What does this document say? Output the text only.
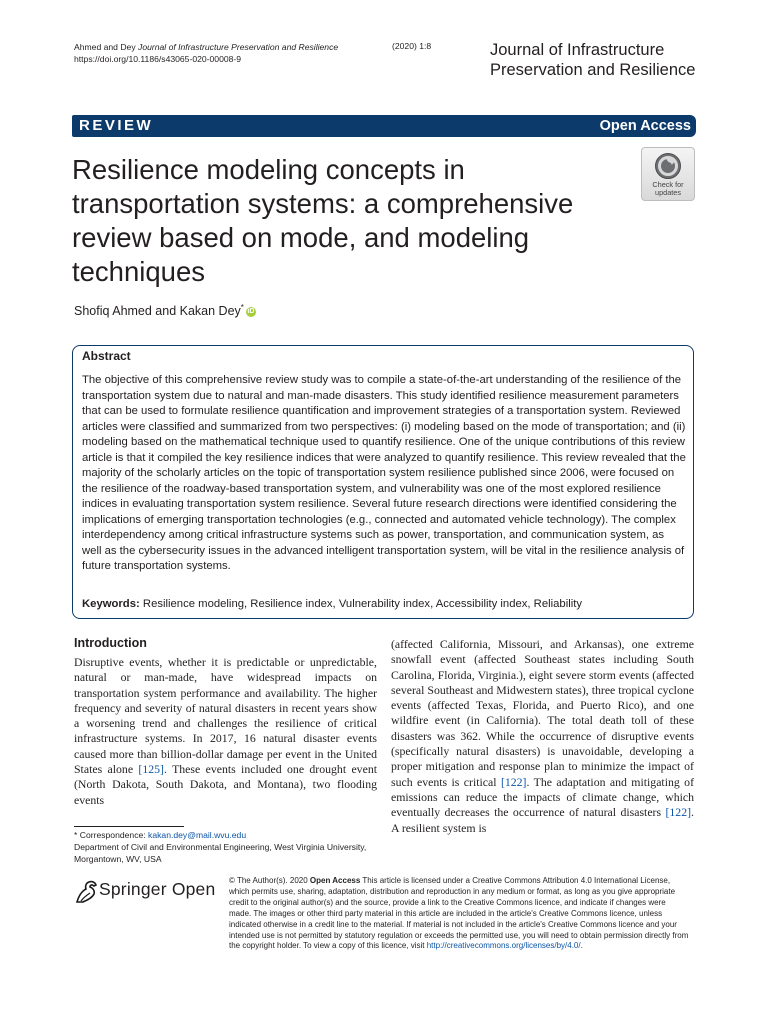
Ahmed and Dey Journal of Infrastructure Preservation and Resilience	(2020) 1:8
https://doi.org/10.1186/s43065-020-00008-9	Journal of Infrastructure
Preservation and Resilience
REVIEW	Open Access
Resilience modeling concepts in transportation systems: a comprehensive review based on mode, and modeling techniques
Check for
updates
Shofiq Ahmed and Kakan Dey* iD
Abstract

The objective of this comprehensive review study was to compile a state-of-the-art understanding of the resilience of the transportation system due to natural and man-made disasters. This study identified resilience measurement parameters that can be used to formulate resilience quantification and improvement strategies of a transportation system. Reviewed articles were classified and summarized from two perspectives: (i) modeling based on the mode of transportation; and (ii) modeling based on the mathematical technique used to quantify resilience. One of the unique contributions of this review article is that it compiled the key resilience indices that were analyzed to quantify resilience. This review revealed that the majority of the scholarly articles on the topic of transportation system resilience published since 2006, were focused on the resilience of the roadway-based transportation system, and vulnerability was one of the most explored resilience indices in evaluating transportation system resilience. Several future research directions were identified considering the implications of emerging transportation technologies (e.g., connected and automated vehicle technology). The complex interdependency among critical infrastructure systems such as power, transportation, and communication system, as well as the cybersecurity issues in the advanced intelligent transportation system, will be vital in the resilience analysis of future transportation systems.

Keywords: Resilience modeling, Resilience index, Vulnerability index, Accessibility index, Reliability
Introduction

Disruptive events, whether it is predictable or unpredictable, natural or man-made, have widespread impacts on transportation system performance and availability. The higher frequency and severity of natural disasters in recent years show a worsening trend and challenges the resilience of critical infrastructure systems. In 2017, 16 natural disaster events caused more than billion-dollar damage per event in the United States alone [125]. These events included one drought event (North Dakota, South Dakota, and Montana), two flooding events

(affected California, Missouri, and Arkansas), one extreme snowfall event (affected Southeast states including South Carolina, Florida, Virginia.), eight severe storm events (affected several Southeast and Midwestern states), three tropical cyclone events (affected Texas, Florida, and Puerto Rico), and one wildfire event (in California). The total death toll of these disasters was 362. While the occurrence of disruptive events (specifically natural disasters) is unavoidable, developing a proper mitigation and response plan to minimize the impact of such events is critical [122]. The adaptation and mitigating of emissions can reduce the impacts of climate change, which eventually decreases the occurrence of natural disasters [122]. A resilient system is

* Correspondence: kakan.dey@mail.wvu.edu
Department of Civil and Environmental Engineering, West Virginia University, Morgantown, WV, USA
Springer Open © The Author(s). 2020 Open Access This article is licensed under a Creative Commons Attribution 4.0 International License, which permits use, sharing, adaptation, distribution and reproduction in any medium or format, as long as you give appropriate credit to the original author(s) and the source, provide a link to the Creative Commons licence, and indicate if changes were made. The images or other third party material in this article are included in the article's Creative Commons licence, unless indicated otherwise in a credit line to the material. If material is not included in the article's Creative Commons licence and your intended use is not permitted by statutory regulation or exceeds the permitted use, you will need to obtain permission directly from the copyright holder. To view a copy of this licence, visit http://creativecommons.org/licenses/by/4.0/.
